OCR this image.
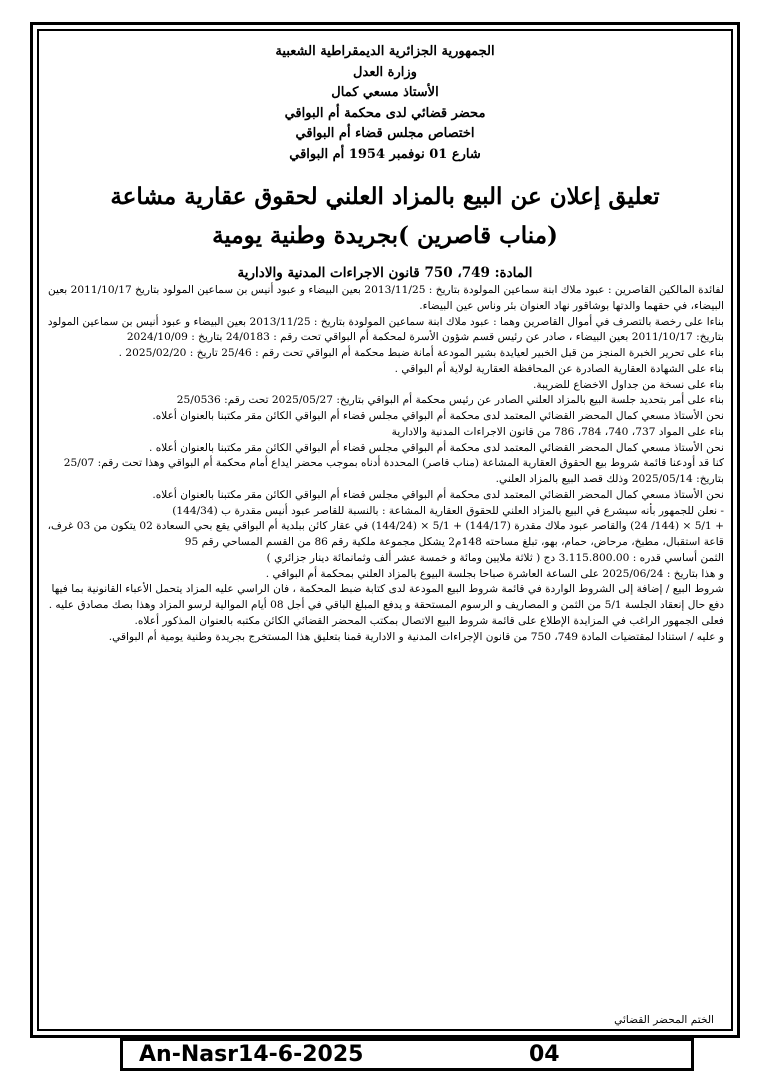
الجمهورية الجزائرية الديمقراطية الشعبية
وزارة العدل
الأستاذ مسعي كمال
محضر قضائي لدى محكمة أم البواقي
اختصاص مجلس قضاء أم البواقي
شارع 01 نوفمبر 1954 أم البواقي
تعليق إعلان عن البيع بالمزاد العلني لحقوق عقارية مشاعة
(مناب قاصرين )بجريدة وطنية يومية
المادة: 749، 750 قانون الاجراءات المدنية والادارية

لفائدة المالكين القاصرين : عبود ملاك ابنة سماعين المولودة بتاريخ : 2013/11/25 بعين البيضاء و عبود أنيس بن سماعين المولود بتاريخ 2011/10/17 بعين البيضاء، في حقهما والدتها بوشاقور نهاد العنوان بئر وناس عين البيضاء.

بناءا على رخصة بالتصرف في أموال القاصرين وهما : عبود ملاك ابنة سماعين المولودة بتاريخ : 2013/11/25 بعين البيضاء و عبود أنيس بن سماعين المولود بتاريخ: 2011/10/17 بعين البيضاء ، صادر عن رئيس قسم شؤون الأسرة لمحكمة أم البواقي تحت رقم : 24/0183 بتاريخ : 2024/10/09

بناء على تحرير الخبرة المنجز من قبل الخبير لعيايدة بشير المودعة أمانة ضبط محكمة أم البواقي تحت رقم : 25/46 تاريخ : 2025/02/20 .

بناء على الشهادة العقارية الصادرة عن المحافظة العقارية لولاية أم البواقي .

بناء على نسخة من جداول الاخضاع للضريبة.

بناء على أمر بتحديد جلسة البيع بالمزاد العلني الصادر عن رئيس محكمة أم البواقي بتاريخ: 2025/05/27 تحت رقم: 25/0536

نحن الأستاذ مسعي كمال المحضر القضائي المعتمد لدى محكمة أم البواقي مجلس قضاء أم البواقي الكائن مقر مكتبنا بالعنوان أعلاه.

بناء على المواد 737، 740، 784، 786 من قانون الاجراءات المدنية والادارية

نحن الأستاذ مسعي كمال المحضر القضائي المعتمد لدى محكمة أم البواقي مجلس قضاء أم البواقي الكائن مقر مكتبنا بالعنوان أعلاه .

كنا قد أودعنا قائمة شروط بيع الحقوق العقارية المشاعة (مناب قاصر) المحددة أدناه بموجب محضر ايداع أمام محكمة أم البواقي وهذا تحت رقم: 25/07 بتاريخ: 2025/05/14 وذلك قصد البيع بالمزاد العلني.

نحن الأستاذ مسعي كمال المحضر القضائي المعتمد لدى محكمة أم البواقي مجلس قضاء أم البواقي الكائن مقر مكتبنا بالعنوان أعلاه.

- نعلن للجمهور بأنه سيشرع في البيع بالمزاد العلني للحقوق العقارية المشاعة : بالنسبة للقاصر عبود أنيس مقدرة ب (144/34)

+ 5/1 × (144/ 24) والقاصر عبود ملاك مقدرة (144/17) + 5/1 × (144/24) في عقار كائن ببلدية أم البواقي يقع بحي السعادة 02 يتكون من 03 غرف، قاعة استقبال، مطبخ، مرحاض، حمام، بهو، تبلغ مساحته 148م2 يشكل مجموعة ملكية رقم 86 من القسم المساحي رقم 95

الثمن أساسي قدره : 3.115.800.00 دج ( ثلاثة ملايين ومائة و خمسة عشر ألف وثمانمائة دينار جزائري )

و هذا بتاريخ : 2025/06/24 على الساعة العاشرة صباحا بجلسة البيوع بالمزاد العلني بمحكمة أم البواقي .

شروط البيع / إضافة إلى الشروط الواردة في قائمة شروط البيع المودعة لدى كتابة ضبط المحكمة ، فان الراسي عليه المزاد يتحمل الأعباء القانونية بما فيها دفع حال إنعقاد الجلسة 5/1 من الثمن و المصاريف و الرسوم المستحقة و يدفع المبلغ الباقي في أجل 08 أيام الموالية لرسو المزاد وهذا بصك مصادق عليه .

فعلى الجمهور الراغب في المزايدة الإطلاع على قائمة شروط البيع الاتصال بمكتب المحضر القضائي الكائن مكتبه بالعنوان المذكور أعلاه.

و عليه / استنادا لمقتضيات المادة 749، 750 من قانون الإجراءات المدنية و الادارية قمنا بتعليق هذا المستخرج بجريدة وطنية يومية أم البواقي.

الختم المحضر القضائي
An-Nasr14-6-2025	04
